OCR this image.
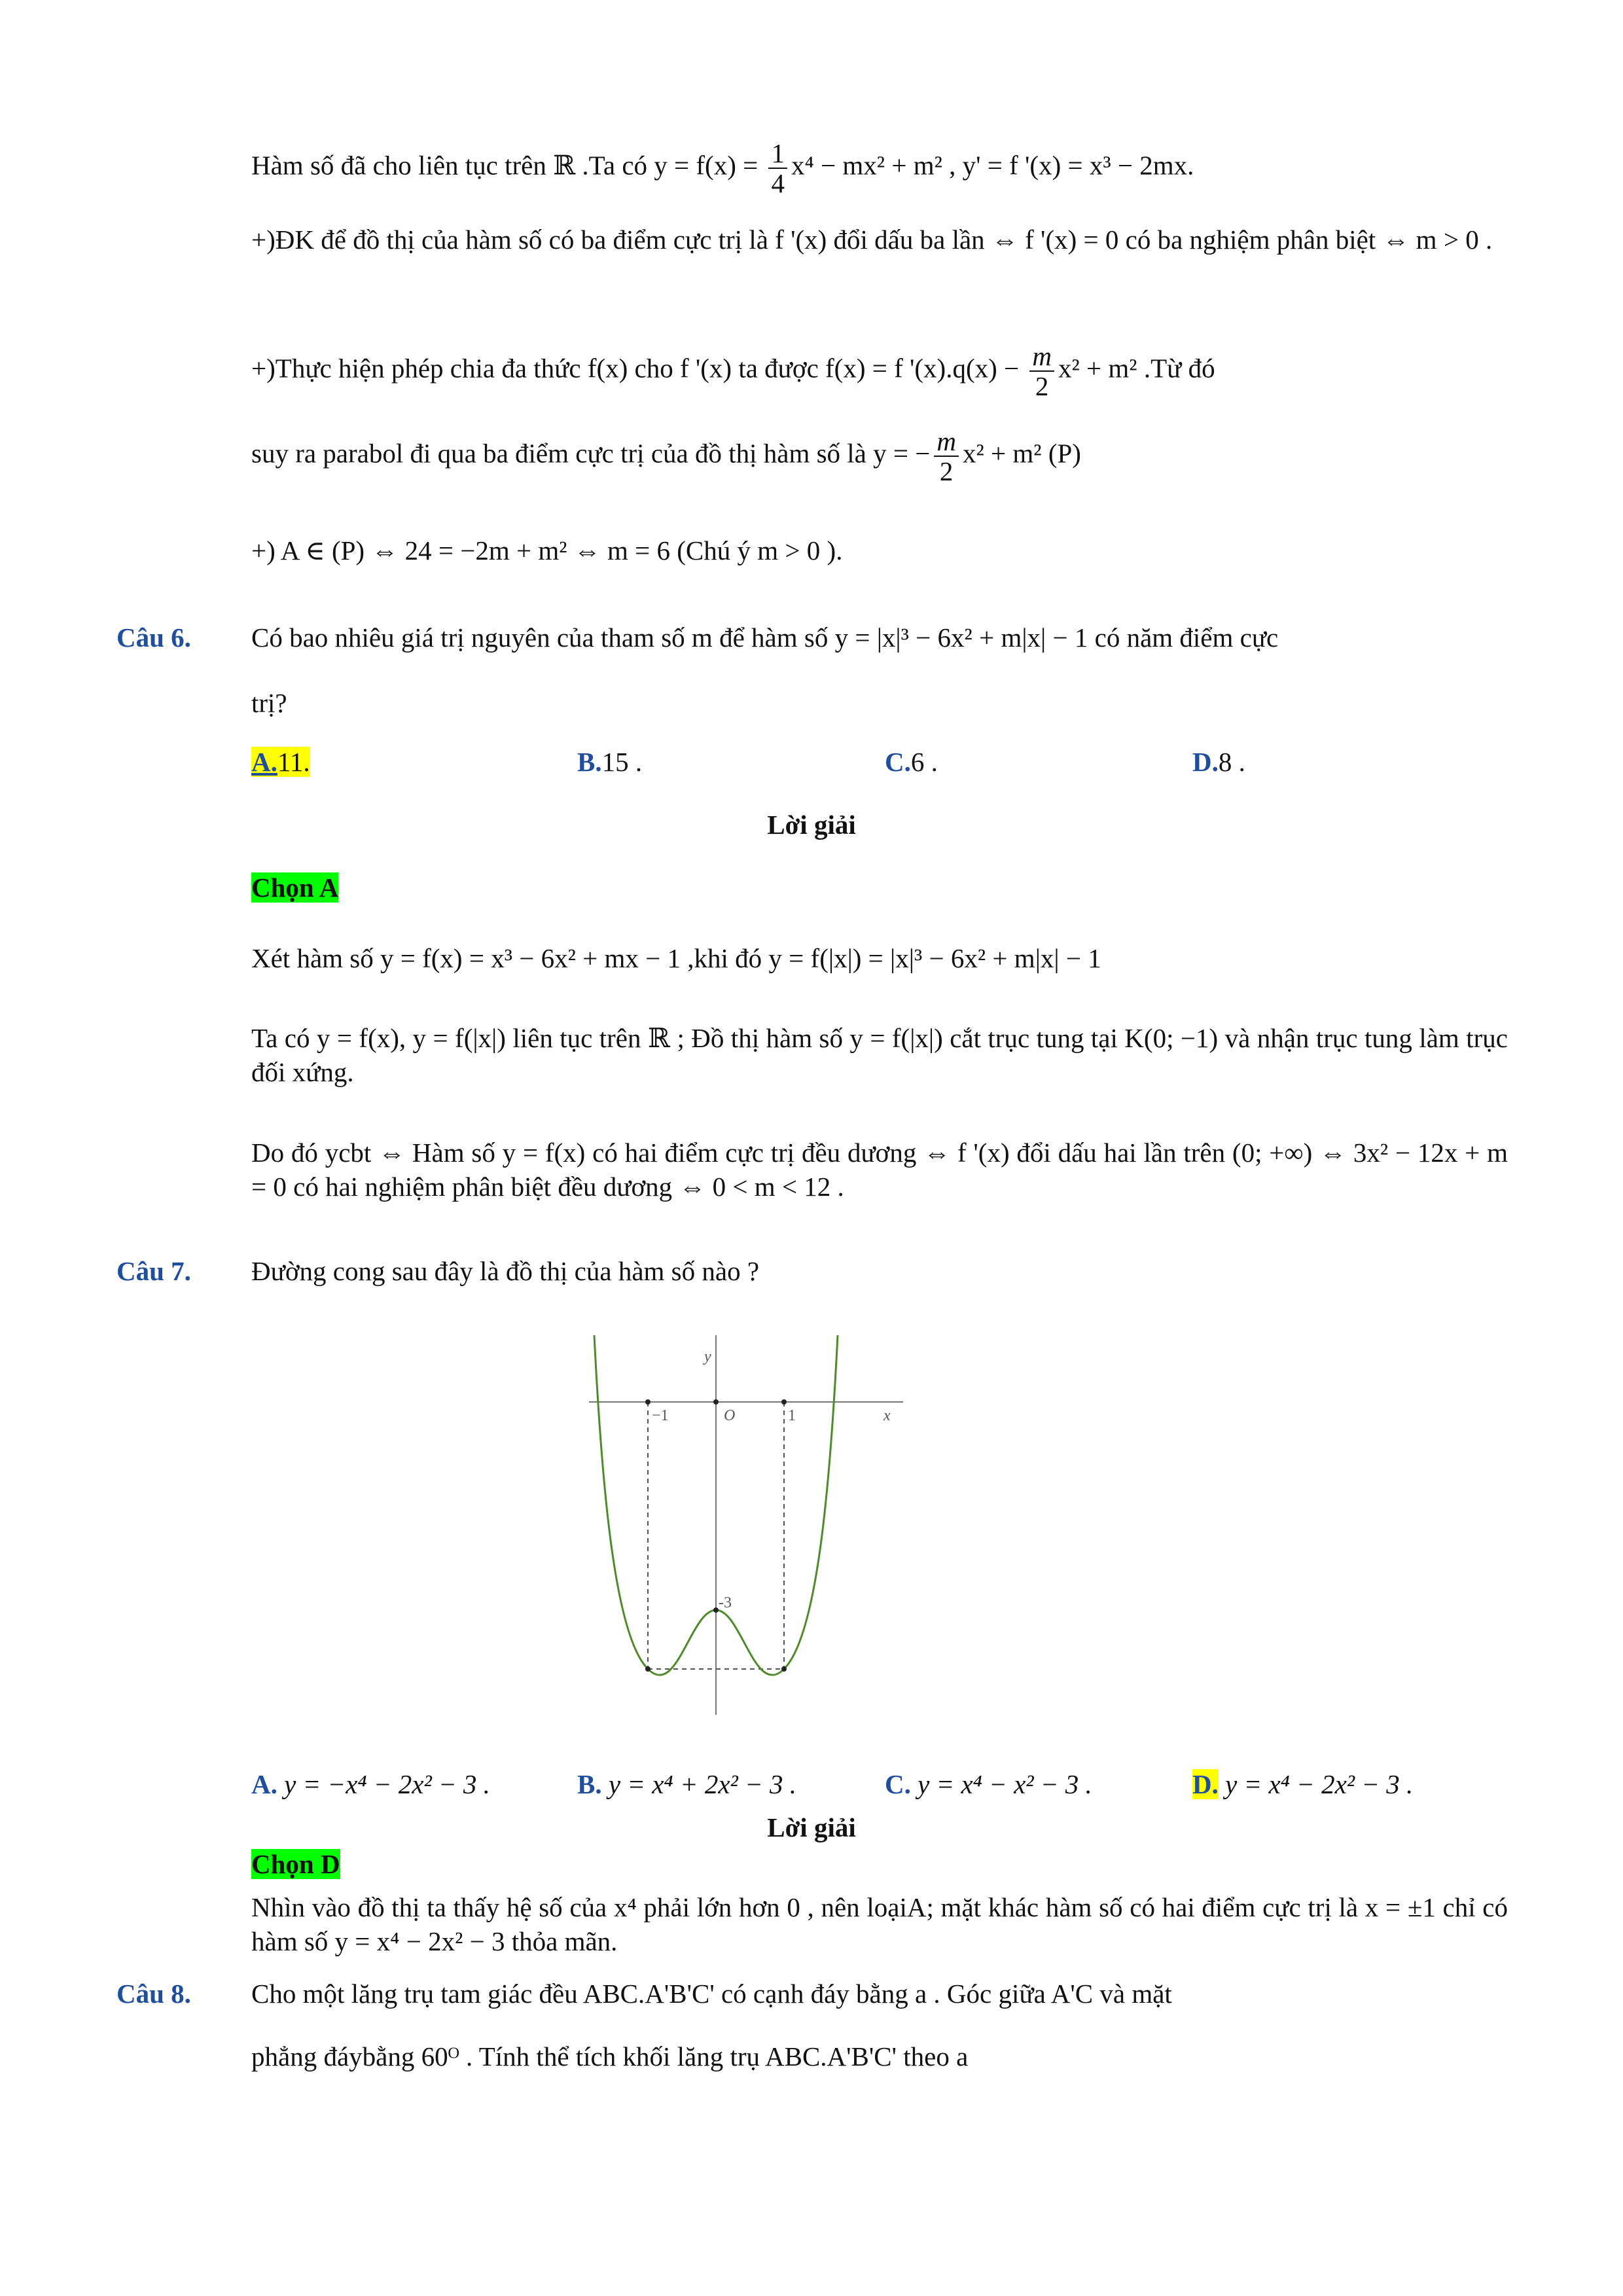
Hàm số đã cho liên tục trên ℝ .Ta có $y = f(x) = \frac{1}{4} x^4 - mx^2 + m^2$ , y' = f '(x) = x³ − 2mx.
+)ĐK để đồ thị của hàm số có ba điểm cực trị là f '(x) đổi dấu ba lần ⇔ f '(x) = 0 có ba nghiệm phân biệt ⇔ m > 0 .
+)Thực hiện phép chia đa thức f(x) cho f '(x) ta được f(x) = f '$(x).q(x) - \frac{m}{2} x^2 + m^2$ .Từ đó
suy ra parabol đi qua ba điểm cực trị của đồ thị hàm số là y = − $\frac{m}{2} x^2 + m^2$ (P)
+) A ∈ (P) ⇔ 24 = −2m + m² ⇔ m = 6 (Chú ý m > 0 ).
Câu 6. Có bao nhiêu giá trị nguyên của tham số m để hàm số y = |x|³ − 6x² + m|x| − 1 có năm điểm cực
trị?
A.11.	B.15 .	C.6 .	D.8 .
Lời giải
Chọn A
Xét hàm số y = f(x) = x³ − 6x² + mx − 1 ,khi đó y = f(|x|) = |x|³ − 6x² + m|x| − 1
Ta có y = f(x), y = f(|x|) liên tục trên ℝ ; Đồ thị hàm số y = f(|x|) cắt trục tung tại K(0; −1) và nhận trục tung làm trục đối xứng.
Do đó ycbt ⇔ Hàm số y = f(x) có hai điểm cực trị đều dương ⇔ f '(x) đổi dấu hai lần trên (0; +∞) ⇔ 3x² − 12x + m = 0 có hai nghiệm phân biệt đều dương ⇔ 0 < m < 12 .
Câu 7. Đường cong sau đây là đồ thị của hàm số nào ?
y
x
O
−1	1
-3
A. y = −x⁴ − 2x² − 3 .	B. y = x⁴ + 2x² − 3 .	C. y = x⁴ − x² − 3 .	D. y = x⁴ − 2x² − 3 .
Lời giải
Chọn D
Nhìn vào đồ thị ta thấy hệ số của x⁴ phải lớn hơn 0 , nên loạiA; mặt khác hàm số có hai điểm cực trị là x = ±1 chỉ có hàm số y = x⁴ − 2x² − 3 thỏa mãn.
Câu 8. Cho một lăng trụ tam giác đều ABC.A'B'C' có cạnh đáy bằng a . Góc giữa A'C và mặt
phẳng đáybằng 60ᴼ . Tính thể tích khối lăng trụ ABC.A'B'C' theo a
